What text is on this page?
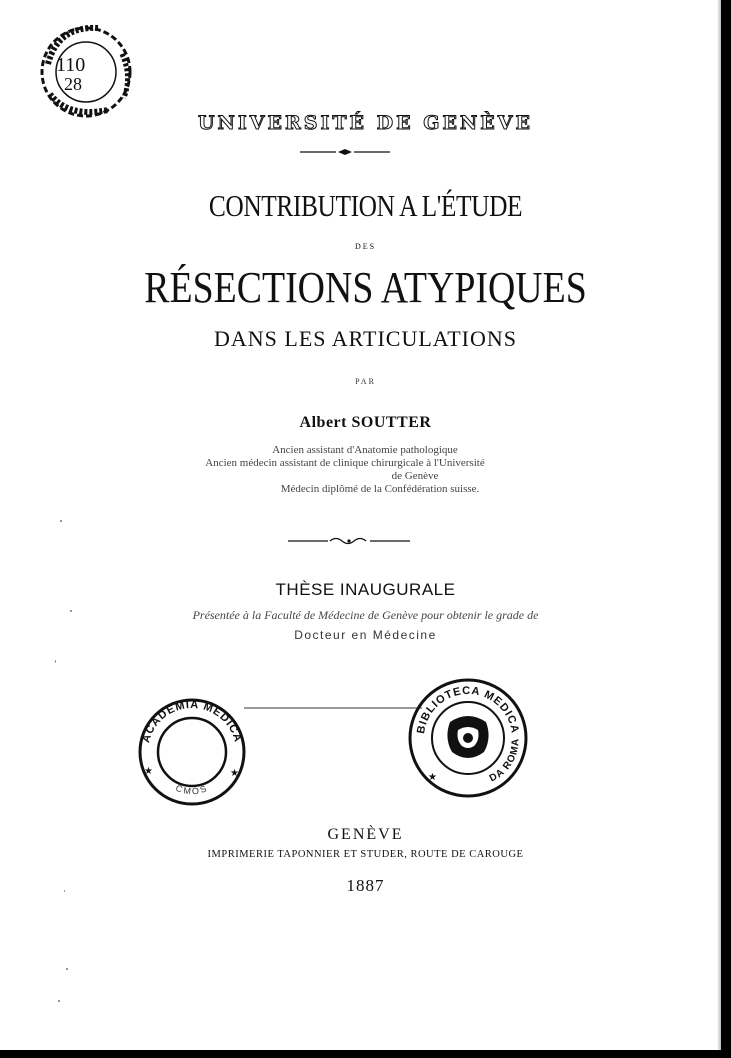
110
28
UNIVERSITÉ DE GENÈVE
CONTRIBUTION A L'ÉTUDE
DES
RÉSECTIONS ATYPIQUES
DANS LES ARTICULATIONS
PAR
Albert SOUTTER
Ancien assistant d'Anatomie pathologique
Ancien médecin assistant de clinique chirurgicale à l'Université
de Genève
Médecin diplômé de la Confédération suisse.
THÈSE INAUGURALE
Présentée à la Faculté de Médecine de Genève pour obtenir le grade de
Docteur en Médecine
ACADEMIA MEDICA
CMOS
★	★
BIBLIOTECA MEDICA
DA ROMA
★
GENÈVE
IMPRIMERIE TAPONNIER ET STUDER, ROUTE DE CAROUGE
1887
